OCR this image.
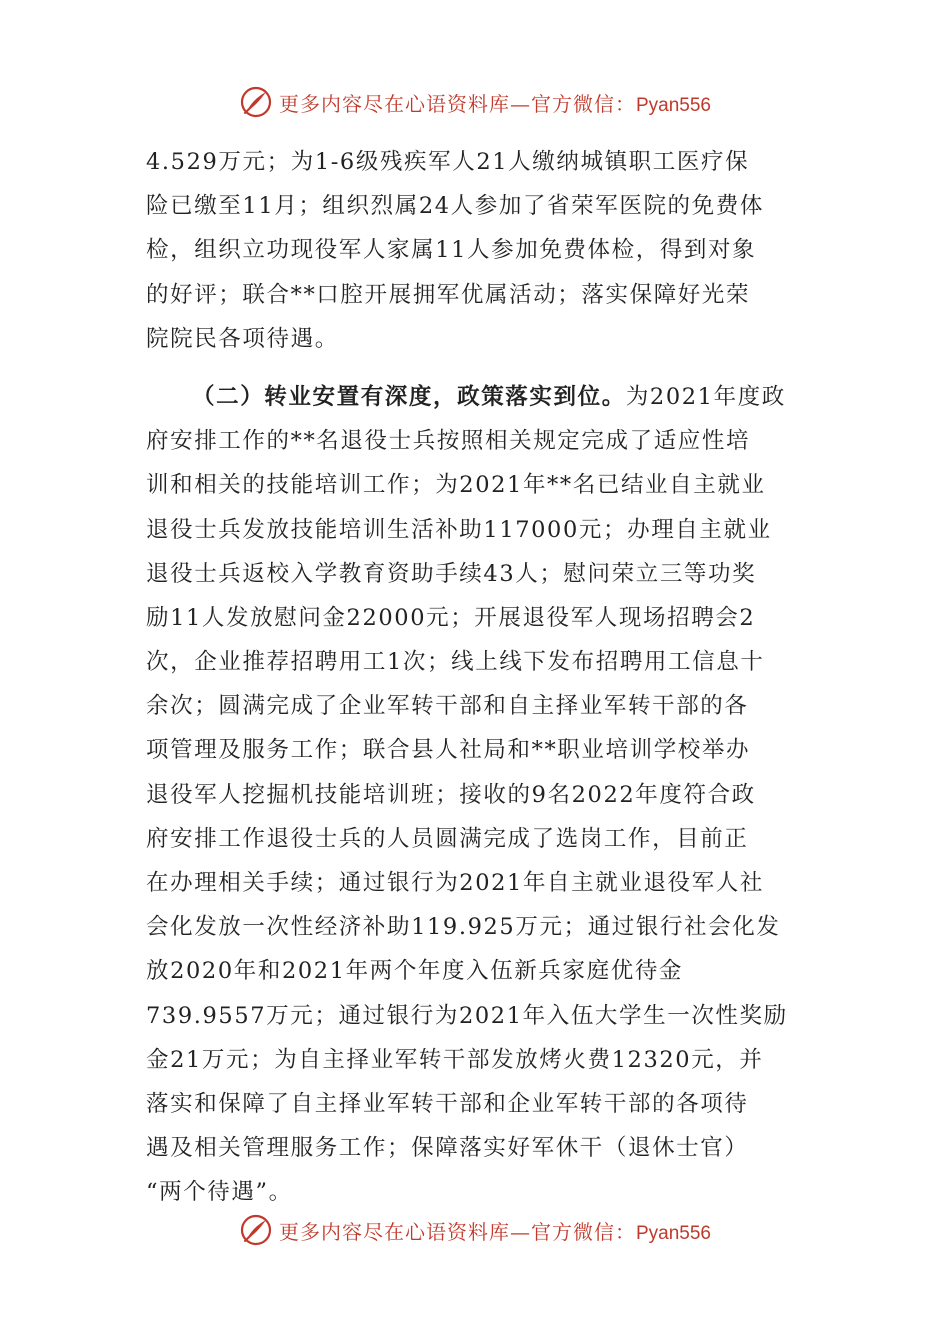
更多内容尽在心语资料库—官方微信：Pyan556
4.529万元；为1-6级残疾军人21人缴纳城镇职工医疗保
险已缴至11月；组织烈属24人参加了省荣军医院的免费体
检，组织立功现役军人家属11人参加免费体检，得到对象
的好评；联合**口腔开展拥军优属活动；落实保障好光荣
院院民各项待遇。
（二）转业安置有深度，政策落实到位。为2021年度政
府安排工作的**名退役士兵按照相关规定完成了适应性培
训和相关的技能培训工作；为2021年**名已结业自主就业
退役士兵发放技能培训生活补助117000元；办理自主就业
退役士兵返校入学教育资助手续43人；慰问荣立三等功奖
励11人发放慰问金22000元；开展退役军人现场招聘会2
次，企业推荐招聘用工1次；线上线下发布招聘用工信息十
余次；圆满完成了企业军转干部和自主择业军转干部的各
项管理及服务工作；联合县人社局和**职业培训学校举办
退役军人挖掘机技能培训班；接收的9名2022年度符合政
府安排工作退役士兵的人员圆满完成了选岗工作，目前正
在办理相关手续；通过银行为2021年自主就业退役军人社
会化发放一次性经济补助119.925万元；通过银行社会化发
放2020年和2021年两个年度入伍新兵家庭优待金
739.9557万元；通过银行为2021年入伍大学生一次性奖励
金21万元；为自主择业军转干部发放烤火费12320元，并
落实和保障了自主择业军转干部和企业军转干部的各项待
遇及相关管理服务工作；保障落实好军休干（退休士官）
“两个待遇”。
更多内容尽在心语资料库—官方微信：Pyan556
